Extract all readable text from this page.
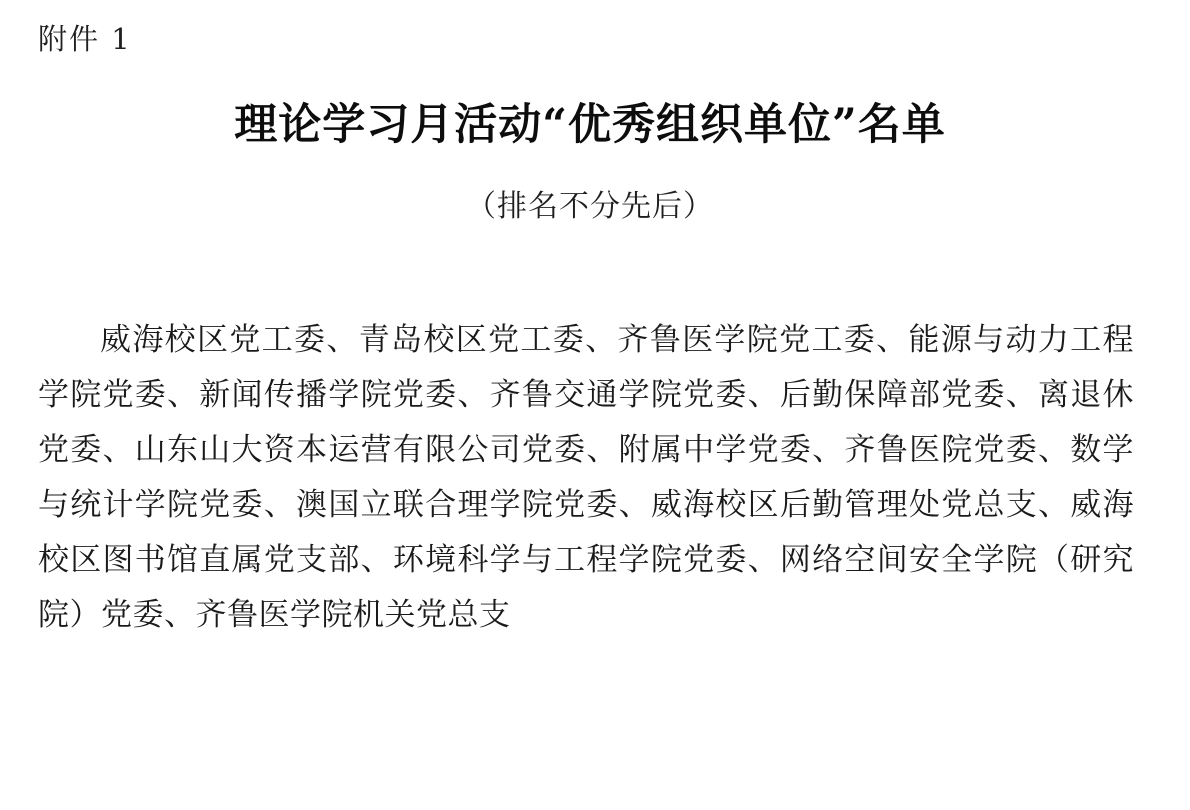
附件 1
理论学习月活动“优秀组织单位”名单
（排名不分先后）
威海校区党工委、青岛校区党工委、齐鲁医学院党工委、能源与动力工程学院党委、新闻传播学院党委、齐鲁交通学院党委、后勤保障部党委、离退休党委、山东山大资本运营有限公司党委、附属中学党委、齐鲁医院党委、数学与统计学院党委、澳国立联合理学院党委、威海校区后勤管理处党总支、威海校区图书馆直属党支部、环境科学与工程学院党委、网络空间安全学院（研究院）党委、齐鲁医学院机关党总支
